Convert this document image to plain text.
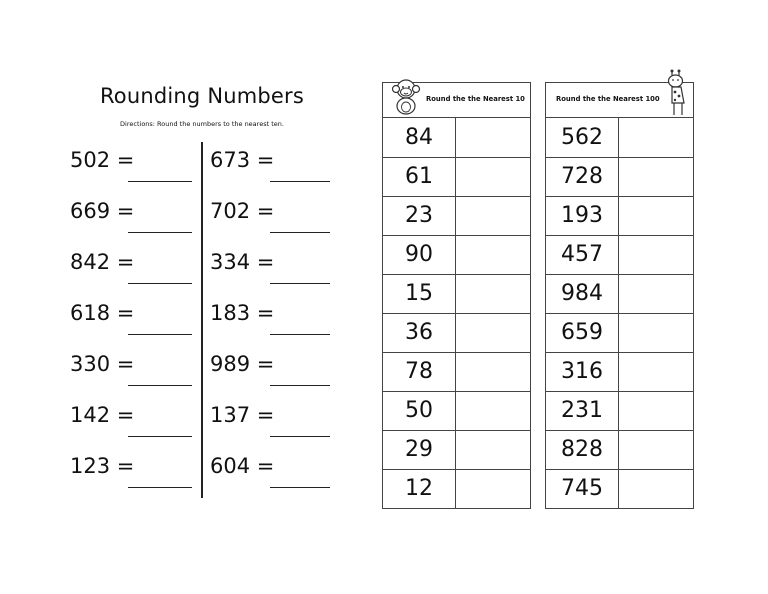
Rounding Numbers
Directions: Round the numbers to the nearest ten.
502 =
669 =
842 =
618 =
330 =
142 =
123 =
673 =
702 =
334 =
183 =
989 =
137 =
604 =
Round the the Nearest 10
84
61
23
90
15
36
78
50
29
12
Round the the Nearest 100
562
728
193
457
984
659
316
231
828
745
